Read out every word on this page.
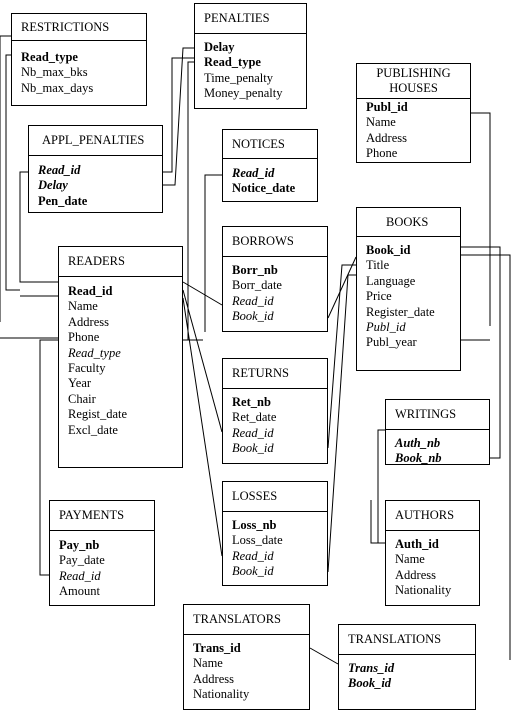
RESTRICTIONS
Read_type
Nb_max_bks
Nb_max_days
PENALTIES
Delay
Read_type
Time_penalty
Money_penalty
PUBLISHING HOUSES
Publ_id
Name
Address
Phone
APPL_PENALTIES
Read_id
Delay
Pen_date
NOTICES
Read_id
Notice_date
BORROWS
Borr_nb
Borr_date
Read_id
Book_id
BOOKS
Book_id
Title
Language
Price
Register_date
Publ_id
Publ_year
READERS
Read_id
Name
Address
Phone
Read_type
Faculty
Year
Chair
Regist_date
Excl_date
RETURNS
Ret_nb
Ret_date
Read_id
Book_id
WRITINGS
Auth_nb
Book_nb
PAYMENTS
Pay_nb
Pay_date
Read_id
Amount
LOSSES
Loss_nb
Loss_date
Read_id
Book_id
AUTHORS
Auth_id
Name
Address
Nationality
TRANSLATORS
Trans_id
Name
Address
Nationality
TRANSLATIONS
Trans_id
Book_id
